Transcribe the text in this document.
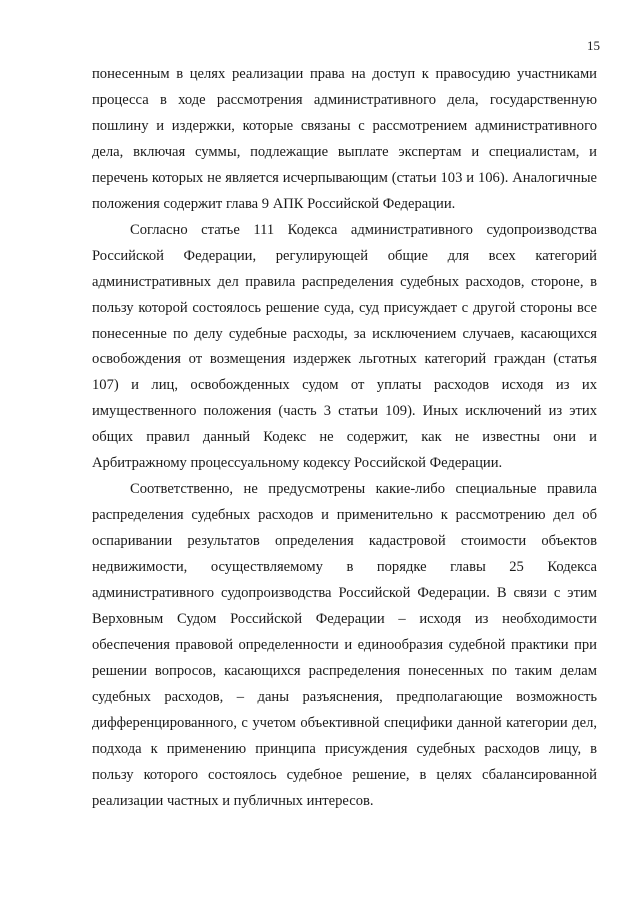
15

понесенным в целях реализации права на доступ к правосудию участниками процесса в ходе рассмотрения административного дела, государственную пошлину и издержки, которые связаны с рассмотрением административного дела, включая суммы, подлежащие выплате экспертам и специалистам, и перечень которых не является исчерпывающим (статьи 103 и 106). Аналогичные положения содержит глава 9 АПК Российской Федерации.

Согласно статье 111 Кодекса административного судопроизводства Российской Федерации, регулирующей общие для всех категорий административных дел правила распределения судебных расходов, стороне, в пользу которой состоялось решение суда, суд присуждает с другой стороны все понесенные по делу судебные расходы, за исключением случаев, касающихся освобождения от возмещения издержек льготных категорий граждан (статья 107) и лиц, освобожденных судом от уплаты расходов исходя из их имущественного положения (часть 3 статьи 109). Иных исключений из этих общих правил данный Кодекс не содержит, как не известны они и Арбитражному процессуальному кодексу Российской Федерации.

Соответственно, не предусмотрены какие-либо специальные правила распределения судебных расходов и применительно к рассмотрению дел об оспаривании результатов определения кадастровой стоимости объектов недвижимости, осуществляемому в порядке главы 25 Кодекса административного судопроизводства Российской Федерации. В связи с этим Верховным Судом Российской Федерации – исходя из необходимости обеспечения правовой определенности и единообразия судебной практики при решении вопросов, касающихся распределения понесенных по таким делам судебных расходов, – даны разъяснения, предполагающие возможность дифференцированного, с учетом объективной специфики данной категории дел, подхода к применению принципа присуждения судебных расходов лицу, в пользу которого состоялось судебное решение, в целях сбалансированной реализации частных и публичных интересов.
